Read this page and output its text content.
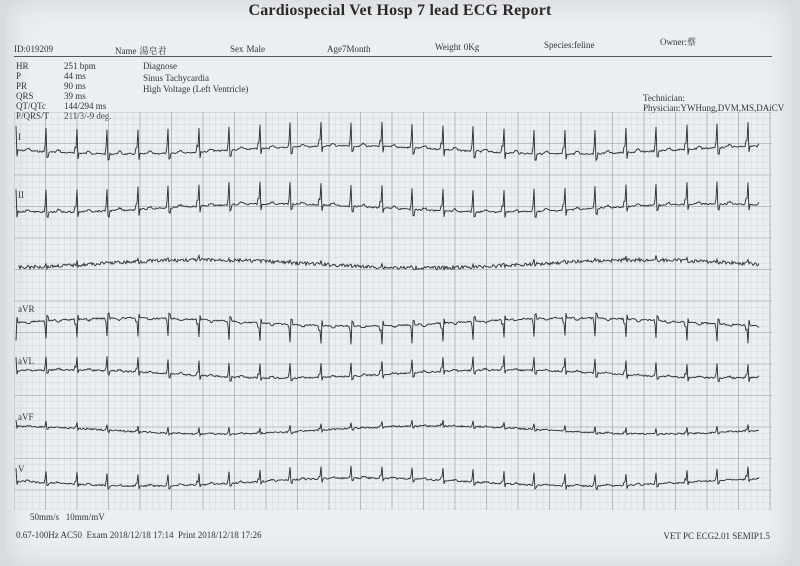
Cardiospecial Vet Hosp 7 lead ECG Report
ID:019209	Name 湯皂君	Sex Male	Age7Month	Weight 0Kg	Species:feline	Owner:蔡
HR	251 bpm
P	44 ms
PR	90 ms
QRS	39 ms
QT/QTc 144/294 ms
P/QRS/T 211/3/-9 deg.
Diagnose
Sinus Tachycardia
High Voltage (Left Ventricle)
Technician:
Physician:YWHung,DVM,MS,DAiCV
I
II
aVR
aVL
aVF
V
50mm/s 10mm/mV
0.67-100Hz AC50 Exam 2018/12/18 17:14 Print 2018/12/18 17:26	VET PC ECG2.01 SEMIP1.5
